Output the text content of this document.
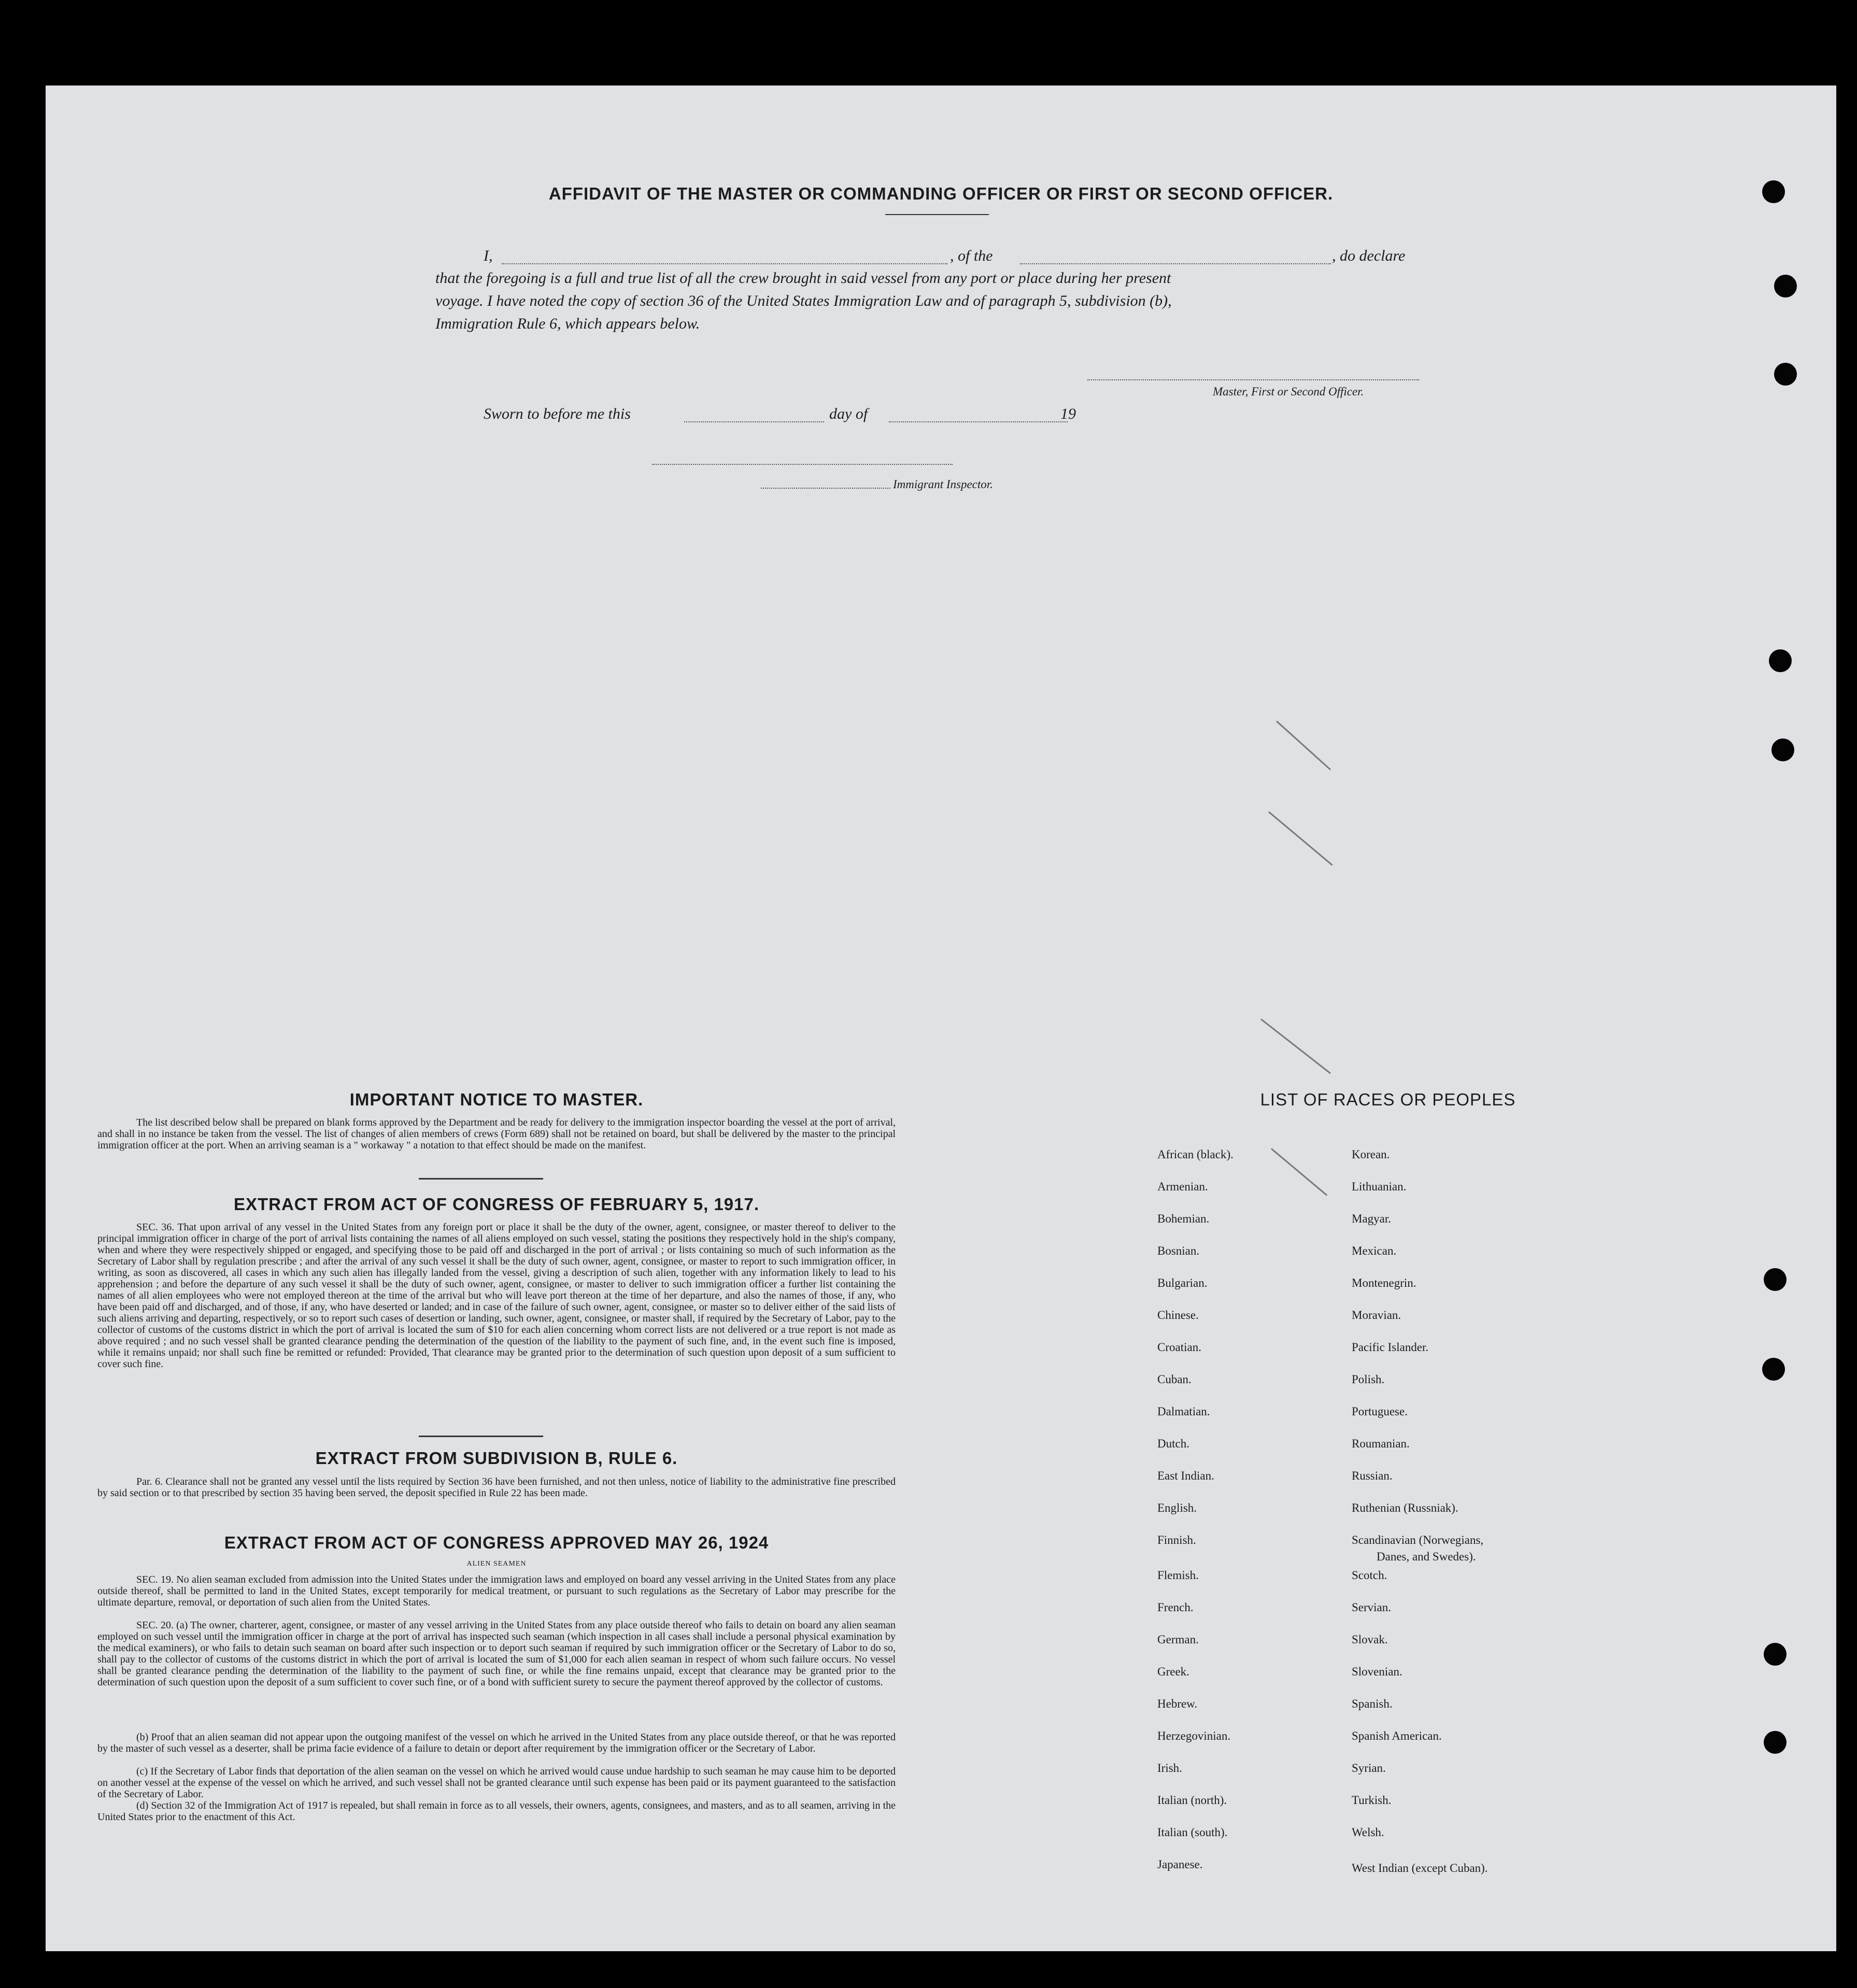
AFFIDAVIT OF THE MASTER OR COMMANDING OFFICER OR FIRST OR SECOND OFFICER.
I,	, of the	, do declare
that the foregoing is a full and true list of all the crew brought in said vessel from any port or place during her present
voyage. I have noted the copy of section 36 of the United States Immigration Law and of paragraph 5, subdivision (b),
Immigration Rule 6, which appears below.
Master, First or Second Officer.
Sworn to before me this	day of	19
Immigrant Inspector.
IMPORTANT NOTICE TO MASTER.
The list described below shall be prepared on blank forms approved by the Department and be ready for delivery to the immigration inspector boarding the vessel at the port of arrival, and shall in no instance be taken from the vessel. The list of changes of alien members of crews (Form 689) shall not be retained on board, but shall be delivered by the master to the principal immigration officer at the port. When an arriving seaman is a " workaway " a notation to that effect should be made on the manifest.
EXTRACT FROM ACT OF CONGRESS OF FEBRUARY 5, 1917.
SEC. 36. That upon arrival of any vessel in the United States from any foreign port or place it shall be the duty of the owner, agent, consignee, or master thereof to deliver to the principal immigration officer in charge of the port of arrival lists containing the names of all aliens employed on such vessel, stating the positions they respectively hold in the ship's company, when and where they were respectively shipped or engaged, and specifying those to be paid off and discharged in the port of arrival ; or lists containing so much of such information as the Secretary of Labor shall by regulation prescribe ; and after the arrival of any such vessel it shall be the duty of such owner, agent, consignee, or master to report to such immigration officer, in writing, as soon as discovered, all cases in which any such alien has illegally landed from the vessel, giving a description of such alien, together with any information likely to lead to his apprehension ; and before the departure of any such vessel it shall be the duty of such owner, agent, consignee, or master to deliver to such immigration officer a further list containing the names of all alien employees who were not employed thereon at the time of the arrival but who will leave port thereon at the time of her departure, and also the names of those, if any, who have been paid off and discharged, and of those, if any, who have deserted or landed; and in case of the failure of such owner, agent, consignee, or master so to deliver either of the said lists of such aliens arriving and departing, respectively, or so to report such cases of desertion or landing, such owner, agent, consignee, or master shall, if required by the Secretary of Labor, pay to the collector of customs of the customs district in which the port of arrival is located the sum of $10 for each alien concerning whom correct lists are not delivered or a true report is not made as above required ; and no such vessel shall be granted clearance pending the determination of the question of the liability to the payment of such fine, and, in the event such fine is imposed, while it remains unpaid; nor shall such fine be remitted or refunded: Provided, That clearance may be granted prior to the determination of such question upon deposit of a sum sufficient to cover such fine.
EXTRACT FROM SUBDIVISION B, RULE 6.
Par. 6. Clearance shall not be granted any vessel until the lists required by Section 36 have been furnished, and not then unless, notice of liability to the administrative fine prescribed by said section or to that prescribed by section 35 having been served, the deposit specified in Rule 22 has been made.
EXTRACT FROM ACT OF CONGRESS APPROVED MAY 26, 1924
ALIEN SEAMEN
SEC. 19. No alien seaman excluded from admission into the United States under the immigration laws and employed on board any vessel arriving in the United States from any place outside thereof, shall be permitted to land in the United States, except temporarily for medical treatment, or pursuant to such regulations as the Secretary of Labor may prescribe for the ultimate departure, removal, or deportation of such alien from the United States.
SEC. 20. (a) The owner, charterer, agent, consignee, or master of any vessel arriving in the United States from any place outside thereof who fails to detain on board any alien seaman employed on such vessel until the immigration officer in charge at the port of arrival has inspected such seaman (which inspection in all cases shall include a personal physical examination by the medical examiners), or who fails to detain such seaman on board after such inspection or to deport such seaman if required by such immigration officer or the Secretary of Labor to do so, shall pay to the collector of customs of the customs district in which the port of arrival is located the sum of $1,000 for each alien seaman in respect of whom such failure occurs. No vessel shall be granted clearance pending the determination of the liability to the payment of such fine, or while the fine remains unpaid, except that clearance may be granted prior to the determination of such question upon the deposit of a sum sufficient to cover such fine, or of a bond with sufficient surety to secure the payment thereof approved by the collector of customs.
(b) Proof that an alien seaman did not appear upon the outgoing manifest of the vessel on which he arrived in the United States from any place outside thereof, or that he was reported by the master of such vessel as a deserter, shall be prima facie evidence of a failure to detain or deport after requirement by the immigration officer or the Secretary of Labor.
(c) If the Secretary of Labor finds that deportation of the alien seaman on the vessel on which he arrived would cause undue hardship to such seaman he may cause him to be deported on another vessel at the expense of the vessel on which he arrived, and such vessel shall not be granted clearance until such expense has been paid or its payment guaranteed to the satisfaction of the Secretary of Labor.
(d) Section 32 of the Immigration Act of 1917 is repealed, but shall remain in force as to all vessels, their owners, agents, consignees, and masters, and as to all seamen, arriving in the United States prior to the enactment of this Act.
LIST OF RACES OR PEOPLES
African (black).
Armenian.
Bohemian.
Bosnian.
Bulgarian.
Chinese.
Croatian.
Cuban.
Dalmatian.
Dutch.
East Indian.
English.
Finnish.
Flemish.
French.
German.
Greek.
Hebrew.
Herzegovinian.
Irish.
Italian (north).
Italian (south).
Japanese.
Korean.
Lithuanian.
Magyar.
Mexican.
Montenegrin.
Moravian.
Pacific Islander.
Polish.
Portuguese.
Roumanian.
Russian.
Ruthenian (Russniak).
Scandinavian (Norwegians,
Danes, and Swedes).
Scotch.
Servian.
Slovak.
Slovenian.
Spanish.
Spanish American.
Syrian.
Turkish.
Welsh.
West Indian (except Cuban).
